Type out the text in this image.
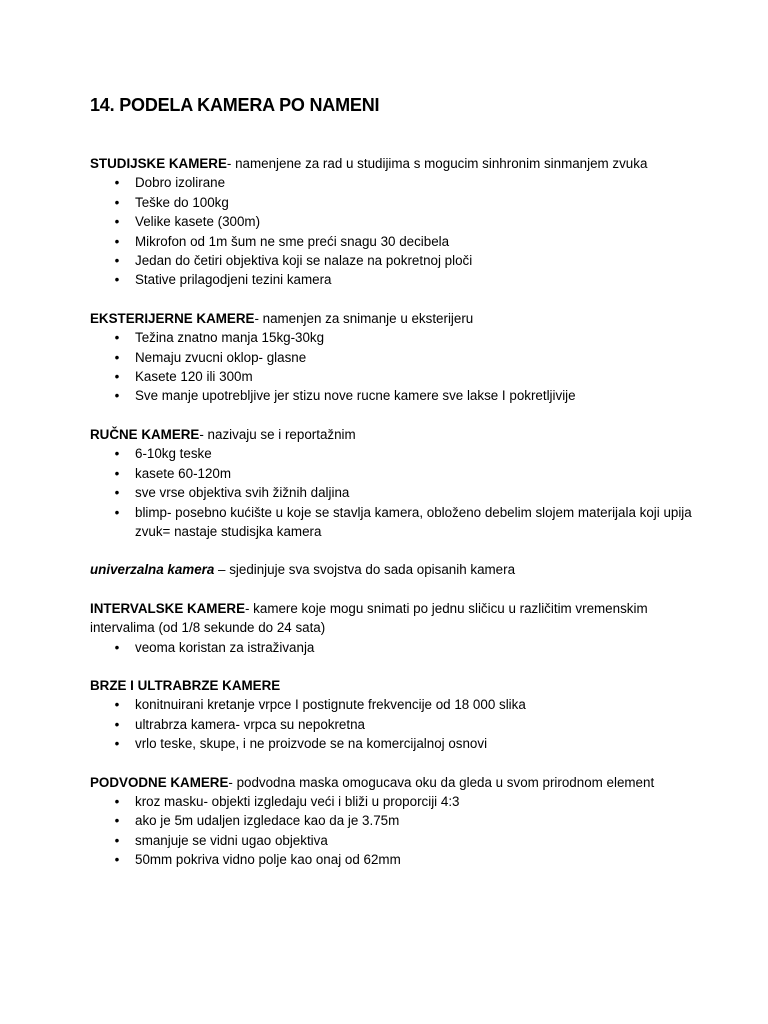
14. PODELA KAMERA PO NAMENI

STUDIJSKE KAMERE- namenjene za rad u studijima s mogucim sinhronim sinmanjem zvuka

• Dobro izolirane
• Teške do 100kg
• Velike kasete (300m)
• Mikrofon od 1m šum ne sme preći snagu 30 decibela
• Jedan do četiri objektiva koji se nalaze na pokretnoj ploči
• Stative prilagodjeni tezini kamera

EKSTERIJERNE KAMERE- namenjen za snimanje u eksterijeru

• Težina znatno manja 15kg-30kg
• Nemaju zvucni oklop- glasne
• Kasete 120 ili 300m
• Sve manje upotrebljive jer stizu nove rucne kamere sve lakse I pokretljivije

RUČNE KAMERE- nazivaju se i reportažnim

• 6-10kg teske
• kasete 60-120m
• sve vrse objektiva svih žižnih daljina
• blimp- posebno kućište u koje se stavlja kamera, obloženo debelim slojem materijala koji upija zvuk= nastaje studisjka kamera

univerzalna kamera – sjedinjuje sva svojstva do sada opisanih kamera

INTERVALSKE KAMERE- kamere koje mogu snimati po jednu sličicu u različitim vremenskim intervalima (od 1/8 sekunde do 24 sata)

• veoma koristan za istraživanja

BRZE I ULTRABRZE KAMERE

• konitnuirani kretanje vrpce I postignute frekvencije od 18 000 slika
• ultrabrza kamera- vrpca su nepokretna
• vrlo teske, skupe, i ne proizvode se na komercijalnoj osnovi

PODVODNE KAMERE- podvodna maska omogucava oku da gleda u svom prirodnom element

• kroz masku- objekti izgledaju veći i bliži u proporciji 4:3
• ako je 5m udaljen izgledace kao da je 3.75m
• smanjuje se vidni ugao objektiva
• 50mm pokriva vidno polje kao onaj od 62mm
